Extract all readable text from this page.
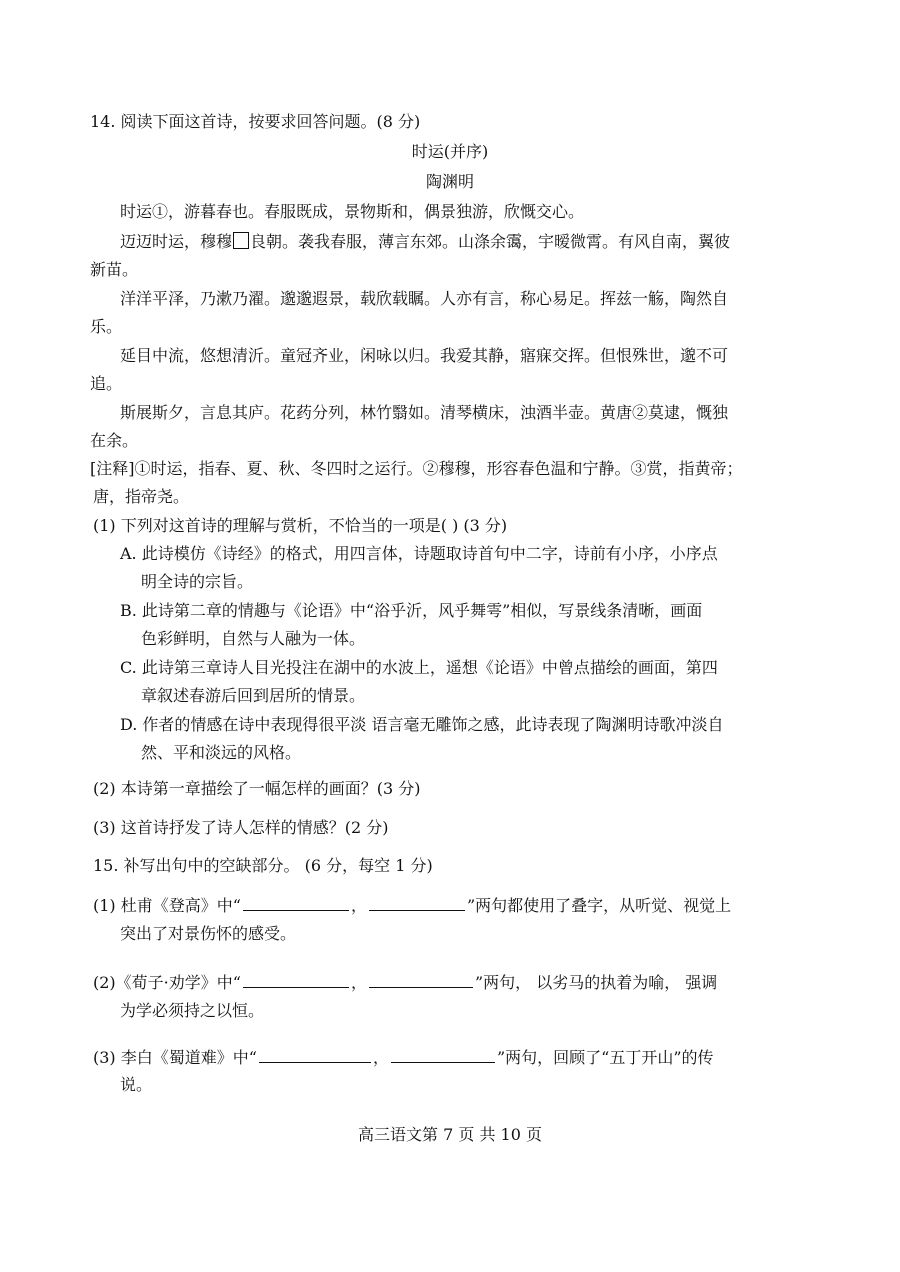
14. 阅读下面这首诗，按要求回答问题。(8 分)
时运(并序)
陶渊明
时运①，游暮春也。春服既成，景物斯和，偶景独游，欣慨交心。
迈迈时运，穆穆 良朝。袭我春服，薄言东郊。山涤余霭，宇暧微霄。有风自南，翼彼
新苗。
洋洋平泽，乃漱乃濯。邈邈遐景，载欣载瞩。人亦有言，称心易足。挥兹一觞，陶然自
乐。
延目中流，悠想清沂。童冠齐业，闲咏以归。我爱其静，寤寐交挥。但恨殊世，邈不可
追。
斯展斯夕，言息其庐。花药分列，林竹翳如。清琴横床，浊酒半壶。黄唐②莫逮，慨独
在余。
[注释]①时运，指春、夏、秋、冬四时之运行。②穆穆，形容春色温和宁静。③赏，指黄帝；
唐，指帝尧。
(1) 下列对这首诗的理解与赏析，不恰当的一项是( ) (3 分)
A. 此诗模仿《诗经》的格式，用四言体，诗题取诗首句中二字，诗前有小序，小序点
明全诗的宗旨。
B. 此诗第二章的情趣与《论语》中“浴乎沂，风乎舞雩”相似，写景线条清晰，画面
色彩鲜明，自然与人融为一体。
C. 此诗第三章诗人目光投注在湖中的水波上，遥想《论语》中曾点描绘的画面，第四
章叙述春游后回到居所的情景。
D. 作者的情感在诗中表现得很平淡 语言毫无雕饰之感，此诗表现了陶渊明诗歌冲淡自
然、平和淡远的风格。
(2) 本诗第一章描绘了一幅怎样的画面？(3 分)
(3) 这首诗抒发了诗人怎样的情感？(2 分)
15. 补写出句中的空缺部分。 (6 分，每空 1 分)
(1) 杜甫《登高》中“	，	”两句都使用了叠字，从听觉、视觉上
突出了对景伤怀的感受。
(2)《荀子·劝学》中“	，	”两句， 以劣马的执着为喻， 强调
为学必须持之以恒。
(3) 李白《蜀道难》中“	，	”两句，回顾了“五丁开山”的传
说。
高三语文第 7 页 共 10 页
